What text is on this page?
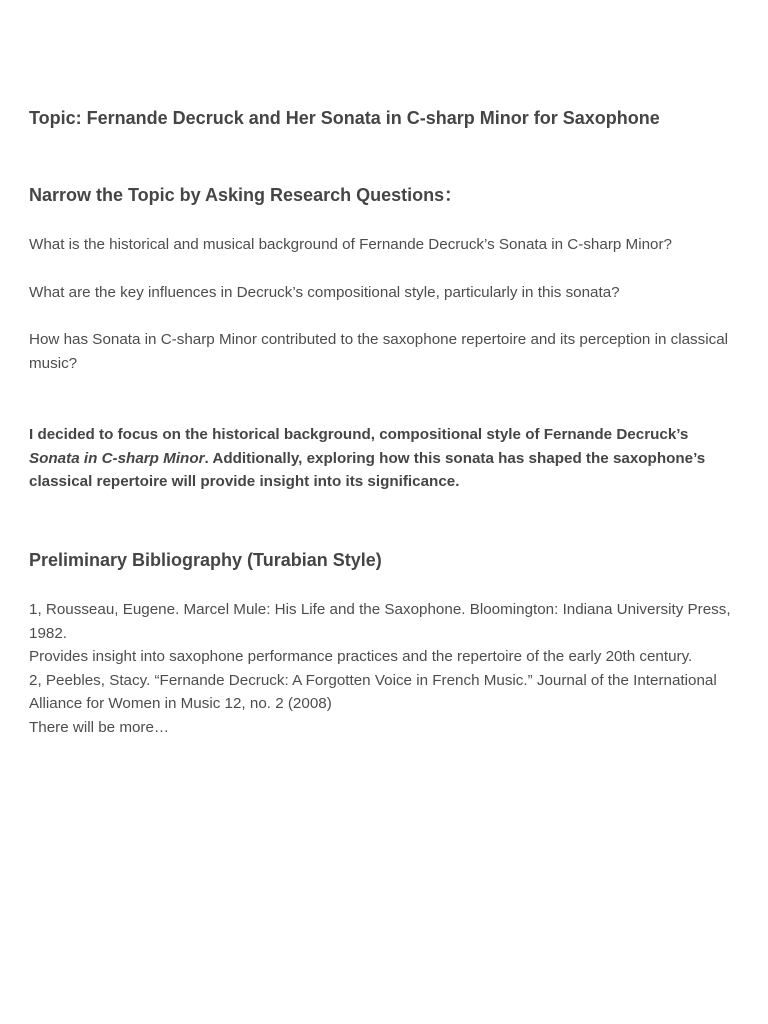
Topic: Fernande Decruck and Her Sonata in C-sharp Minor for Saxophone
Narrow the Topic by Asking Research Questions：

What is the historical and musical background of Fernande Decruck’s Sonata in C-sharp Minor?

What are the key influences in Decruck’s compositional style, particularly in this sonata?

How has Sonata in C-sharp Minor contributed to the saxophone repertoire and its perception in classical music?

I decided to focus on the historical background, compositional style of Fernande Decruck’s Sonata in C-sharp Minor. Additionally, exploring how this sonata has shaped the saxophone’s classical repertoire will provide insight into its significance.

Preliminary Bibliography (Turabian Style)
1, Rousseau, Eugene. Marcel Mule: His Life and the Saxophone. Bloomington: Indiana University Press, 1982.
Provides insight into saxophone performance practices and the repertoire of the early 20th century.
2, Peebles, Stacy. “Fernande Decruck: A Forgotten Voice in French Music.” Journal of the International Alliance for Women in Music 12, no. 2 (2008)
There will be more…
